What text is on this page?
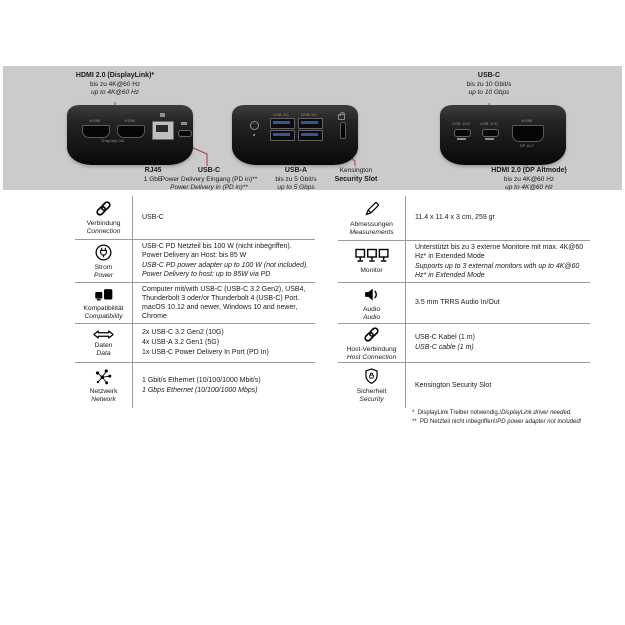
HDMI	HDMI
DisplayLink
USB 5G	USB 5G
USB 10G USB 10G
HDMI
DP ALT
HDMI 2.0 (DisplayLink)*
bis zu 4K@60 Hz
up to 4K@60 Hz
USB-C
bis zu 10 Gbit/s
up to 10 Gbps
RJ45
1 GbE
USB-C
Power Delivery Eingang (PD in)**
Power Delivery in (PD in)**
USB-A
bis zu 5 Gbit/s
up to 5 Gbps
Kensington
Security Slot
HDMI 2.0 (DP Altmode)
bis zu 4K@60 Hz
up to 4K@60 Hz
Verbindung
Connection

USB-C

Strom
Power

USB-C PD Netzteil bis 100 W (nicht inbegriffen). Power Delivery an Host: bis 85 W

USB-C PD power adapter up to 100 W (not included). Power Delivery to host: up to 85W via PD

Kompatibilität
Compatibility

Computer mit/with USB-C (USB-C 3.2 Gen2), USB4, Thunderbolt 3 oder/or Thunderbolt 4 (USB-C) Port. macOS 10.12 and newer, Windows 10 and newer, Chrome

Daten
Data

2x USB-C 3.2 Gen2 (10G)

4x USB-A 3.2 Gen1 (5G)

1x USB-C Power Delivery In Port (PD In)

Netzwerk
Network

1 Gbit/s Ethernet (10/100/1000 Mbit/s)

1 Gbps Ethernet (10/100/1000 Mbps)

Abmessungen
Measurements

11.4 x 11.4 x 3 cm, 259 gr

Monitor

Unterstützt bis zu 3 externe Monitore mit max. 4K@60 Hz* in Extended Mode

Supports up to 3 external monitors with up to 4K@60 Hz* in Extended Mode

Audio
Audio

3.5 mm TRRS Audio In/Out

Host-Verbindung
Host Connection

USB-C Kabel (1 m)

USB-C cable (1 m)

Sicherheit
Security

Kensington Security Slot

* DisplayLink Treiber notwendig./DisplayLink driver needed.
** PD Netzteil nicht inbegriffen!/PD power adapter not included!
